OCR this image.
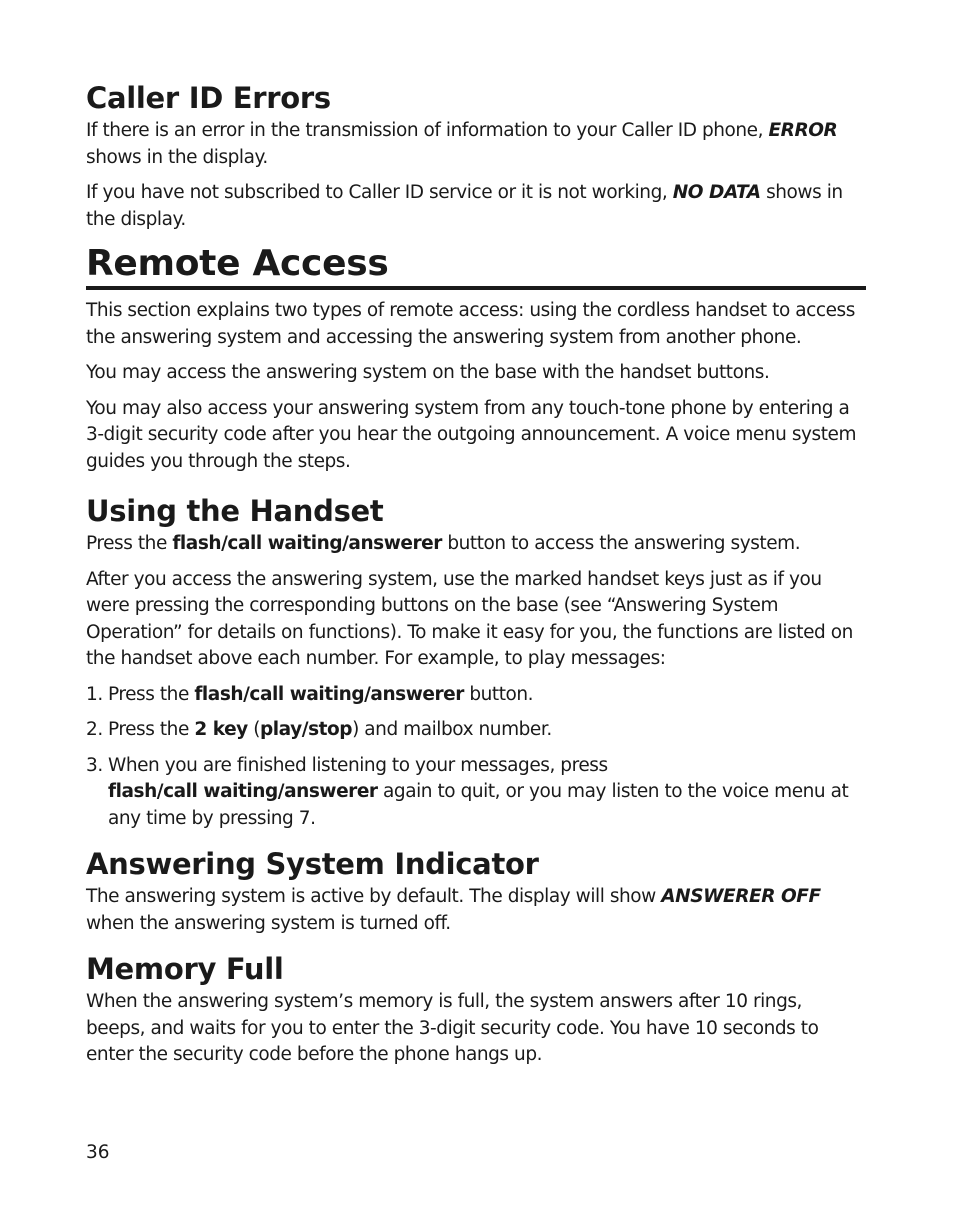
Caller ID Errors

If there is an error in the transmission of information to your Caller ID phone, ERROR shows in the display.

If you have not subscribed to Caller ID service or it is not working, NO DATA shows in the display.

Remote Access

This section explains two types of remote access: using the cordless handset to access the answering system and accessing the answering system from another phone.

You may access the answering system on the base with the handset buttons.

You may also access your answering system from any touch-tone phone by entering a 3-digit security code after you hear the outgoing announcement. A voice menu system guides you through the steps.

Using the Handset

Press the flash/call waiting/answerer button to access the answering system.

After you access the answering system, use the marked handset keys just as if you were pressing the corresponding buttons on the base (see “Answering System Operation” for details on functions). To make it easy for you, the functions are listed on the handset above each number. For example, to play messages:

1. Press the flash/call waiting/answerer button.
2. Press the 2 key (play/stop) and mailbox number.
3. When you are finished listening to your messages, press
flash/call waiting/answerer again to quit, or you may listen to the voice menu at any time by pressing 7.
Answering System Indicator

The answering system is active by default. The display will show ANSWERER OFF when the answering system is turned off.

Memory Full

When the answering system’s memory is full, the system answers after 10 rings, beeps, and waits for you to enter the 3-digit security code. You have 10 seconds to enter the security code before the phone hangs up.

36
